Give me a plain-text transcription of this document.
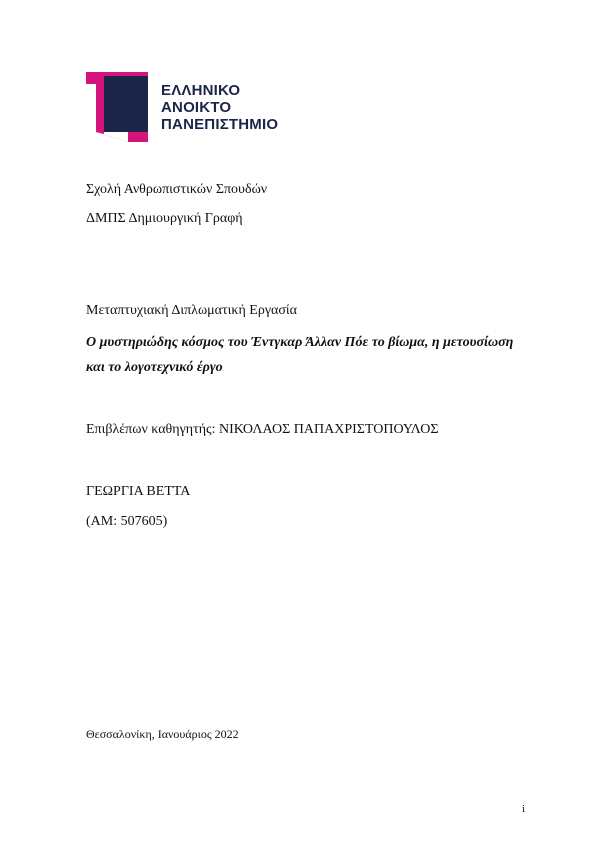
ΕΛΛΗΝΙΚΟ
ΑΝΟΙΚΤΟ
ΠΑΝΕΠΙΣΤΗΜΙΟ
Σχολή Ανθρωπιστικών Σπουδών
ΔΜΠΣ Δημιουργική Γραφή
Μεταπτυχιακή Διπλωματική Εργασία
Ο μυστηριώδης κόσμος του Έντγκαρ Άλλαν Πόε το βίωμα, η μετουσίωση
και το λογοτεχνικό έργο
Επιβλέπων καθηγητής: ΝΙΚΟΛΑΟΣ ΠΑΠΑΧΡΙΣΤΟΠΟΥΛΟΣ
ΓΕΩΡΓΙΑ ΒΕΤΤΑ
(ΑΜ: 507605)
Θεσσαλονίκη, Ιανουάριος 2022
i
